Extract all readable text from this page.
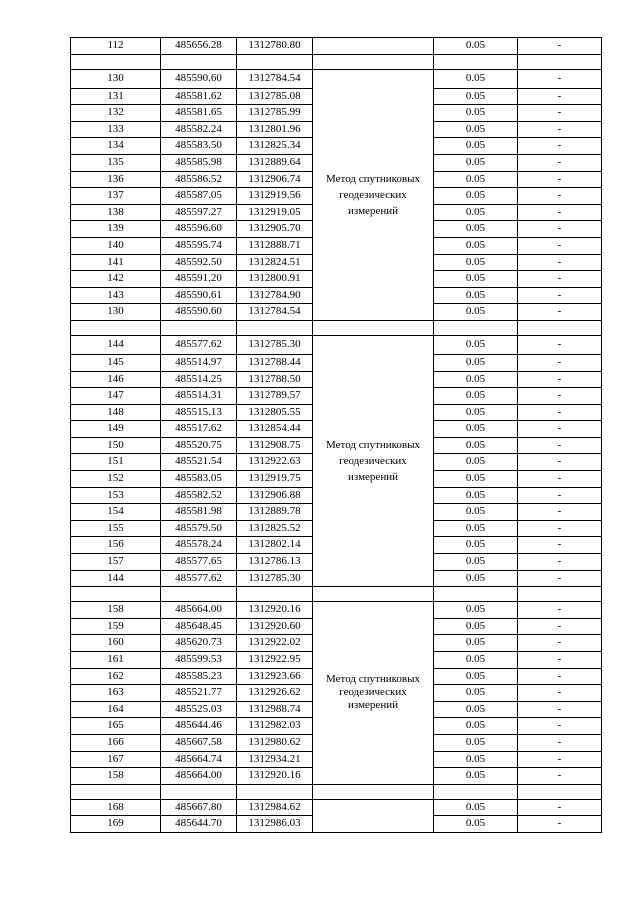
112	485656.28	1312780.80		0.05	-

130	485590.60	1312784.54	Метод спутниковых геодезических измерений	0.05	-
131	485581.62	1312785.08		0.05	-
132	485581.65	1312785.99		0.05	-
133	485582.24	1312801.96		0.05	-
134	485583.50	1312825.34		0.05	-
135	485585.98	1312889.64		0.05	-
136	485586.52	1312906.74		0.05	-
137	485587.05	1312919.56		0.05	-
138	485597.27	1312919.05		0.05	-
139	485596.60	1312905.70		0.05	-
140	485595.74	1312888.71		0.05	-
141	485592.50	1312824.51		0.05	-
142	485591.20	1312800.91		0.05	-
143	485590.61	1312784.90		0.05	-
130	485590.60	1312784.54		0.05	-

144	485577.62	1312785.30	Метод спутниковых геодезических измерений	0.05	-
145	485514.97	1312788.44		0.05	-
146	485514.25	1312788.50		0.05	-
147	485514.31	1312789.57		0.05	-
148	485515.13	1312805.55		0.05	-
149	485517.62	1312854.44		0.05	-
150	485520.75	1312908.75		0.05	-
151	485521.54	1312922.63		0.05	-
152	485583.05	1312919.75		0.05	-
153	485582.52	1312906.88		0.05	-
154	485581.98	1312889.78		0.05	-
155	485579.50	1312825.52		0.05	-
156	485578.24	1312802.14		0.05	-
157	485577.65	1312786.13		0.05	-
144	485577.62	1312785.30		0.05	-

158	485664.00	1312920.16	Метод спутниковых геодезических измерений	0.05	-
159	485648.45	1312920.60		0.05	-
160	485620.73	1312922.02		0.05	-
161	485599.53	1312922.95		0.05	-
162	485585.23	1312923.66		0.05	-
163	485521.77	1312926.62		0.05	-
164	485525.03	1312988.74		0.05	-
165	485644.46	1312982.03		0.05	-
166	485667.58	1312980.62		0.05	-
167	485664.74	1312934.21		0.05	-
158	485664.00	1312920.16		0.05	-

168	485667.80	1312984.62		0.05	-
169	485644.70	1312986.03		0.05	-
